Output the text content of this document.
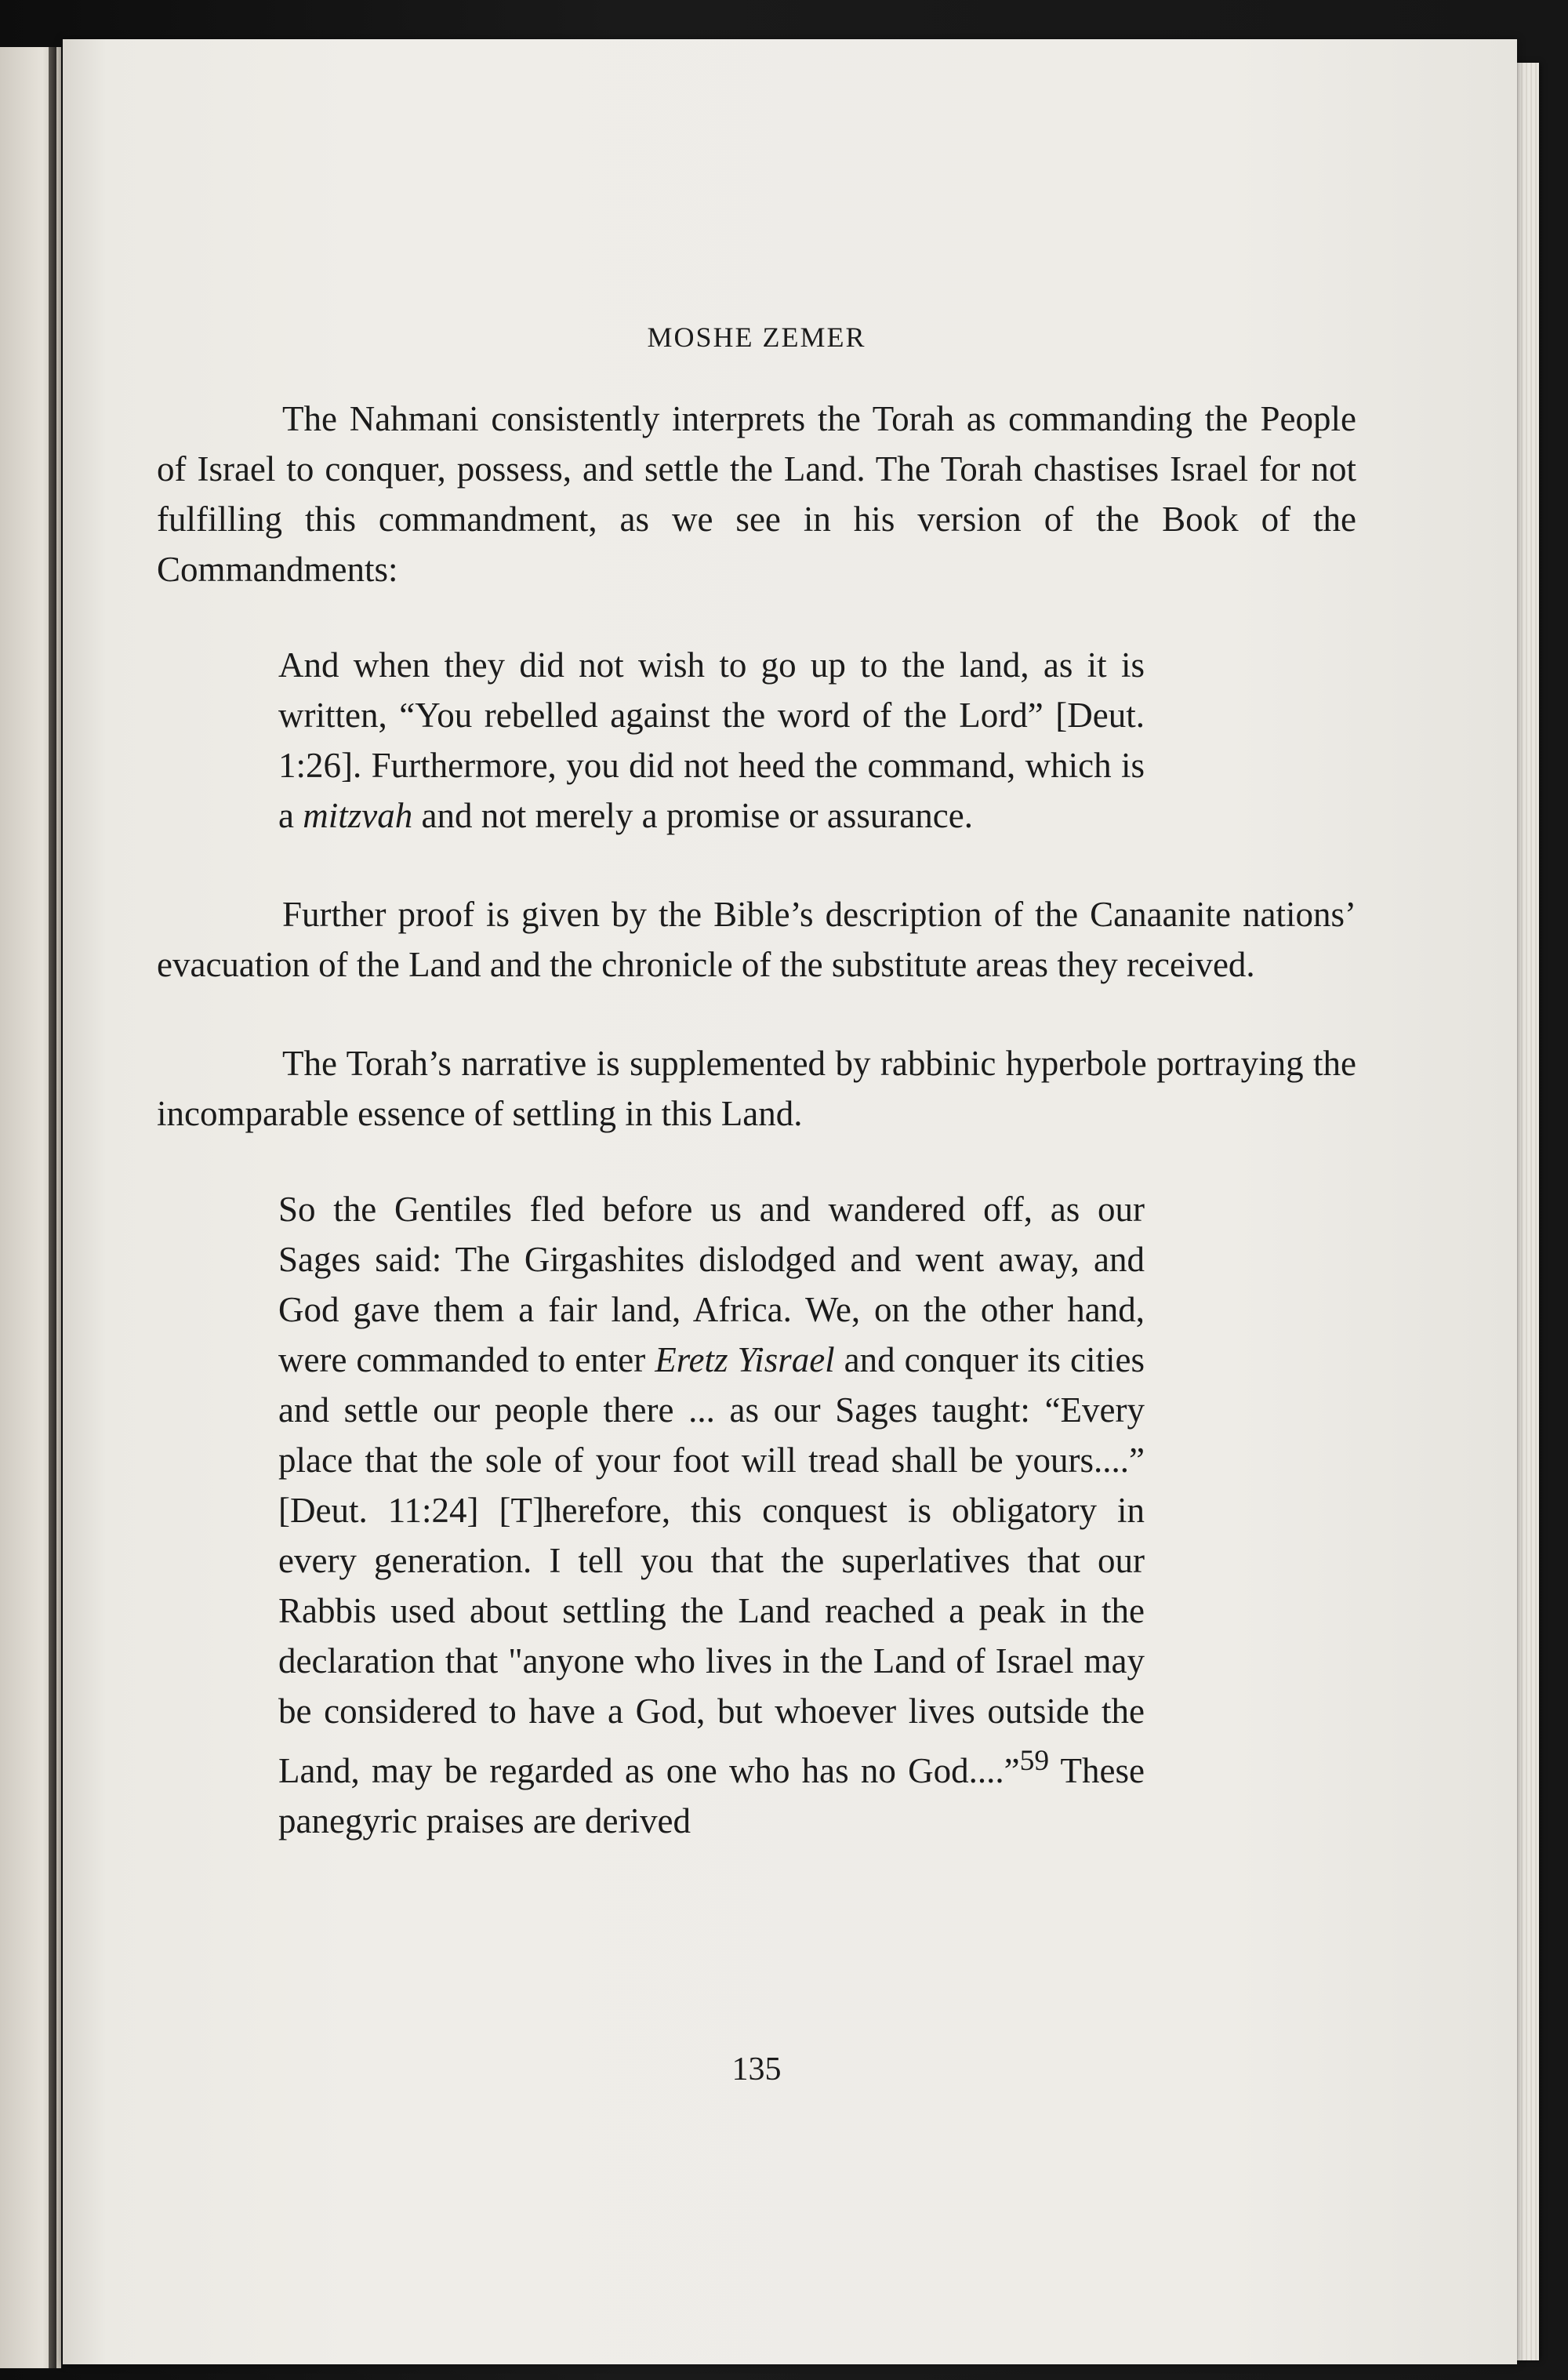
MOSHE ZEMER

The Nahmani consistently interprets the Torah as commanding the People of Israel to conquer, possess, and settle the Land. The Torah chastises Israel for not fulfilling this commandment, as we see in his version of the Book of the Commandments:

And when they did not wish to go up to the land, as it is written, “You rebelled against the word of the Lord” [Deut. 1:26]. Furthermore, you did not heed the command, which is a mitzvah and not merely a promise or assurance.

Further proof is given by the Bible’s description of the Canaanite nations’ evacuation of the Land and the chronicle of the substitute areas they received.

The Torah’s narrative is supplemented by rabbinic hyperbole portraying the incomparable essence of settling in this Land.

So the Gentiles fled before us and wandered off, as our Sages said: The Girgashites dislodged and went away, and God gave them a fair land, Africa. We, on the other hand, were commanded to enter Eretz Yisrael and conquer its cities and settle our people there ... as our Sages taught: “Every place that the sole of your foot will tread shall be yours....” [Deut. 11:24] [T]herefore, this conquest is obligatory in every generation. I tell you that the superlatives that our Rabbis used about settling the Land reached a peak in the declaration that "anyone who lives in the Land of Israel may be considered to have a God, but whoever lives outside the Land, may be regarded as one who has no God....”$^{59}$ These panegyric praises are derived

135
